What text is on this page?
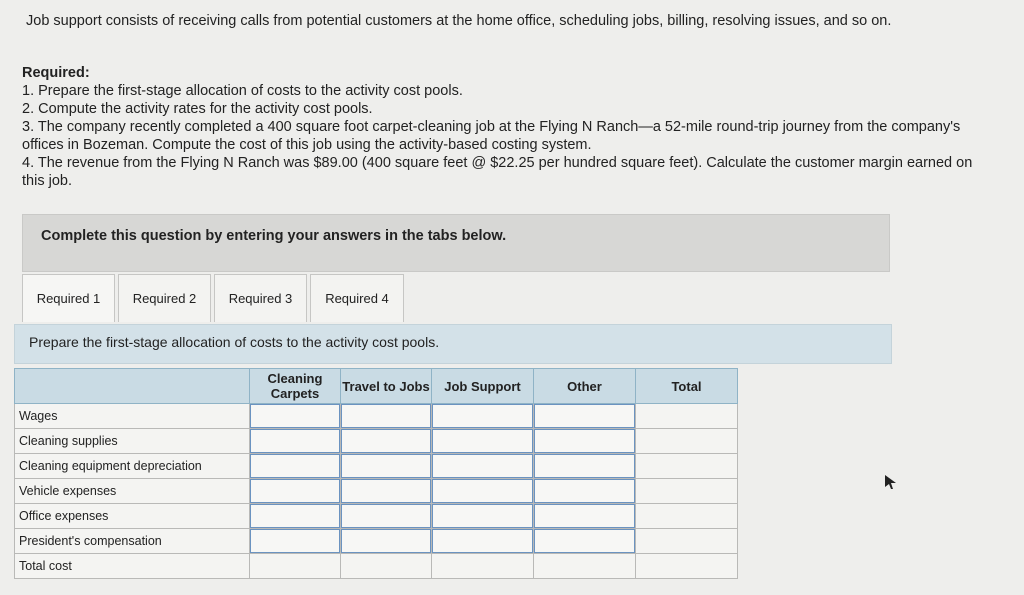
Job support consists of receiving calls from potential customers at the home office, scheduling jobs, billing, resolving issues, and so on.
Required:

1. Prepare the first-stage allocation of costs to the activity cost pools.

2. Compute the activity rates for the activity cost pools.

3. The company recently completed a 400 square foot carpet-cleaning job at the Flying N Ranch—a 52-mile round-trip journey from the company's offices in Bozeman. Compute the cost of this job using the activity-based costing system.

4. The revenue from the Flying N Ranch was $89.00 (400 square feet @ $22.25 per hundred square feet). Calculate the customer margin earned on this job.

Complete this question by entering your answers in the tabs below.
Required 1	Required 2	Required 3	Required 4
Prepare the first-stage allocation of costs to the activity cost pools.
	Cleaning Carpets	Travel to Jobs	Job Support	Other	Total
Wages					
Cleaning supplies					
Cleaning equipment depreciation					
Vehicle expenses					
Office expenses					
President's compensation					
Total cost					
